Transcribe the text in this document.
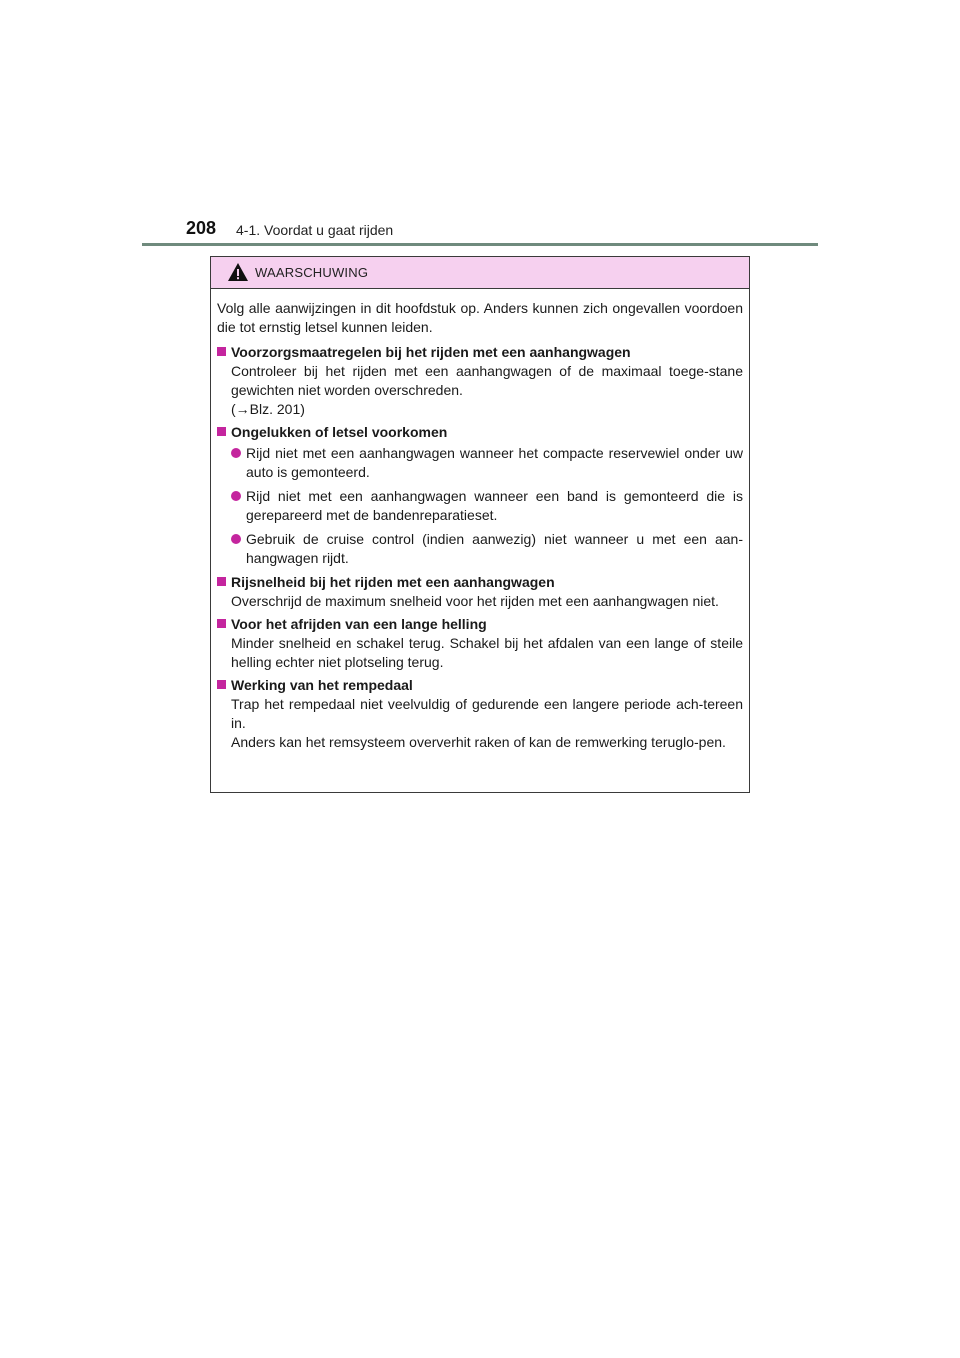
208 4-1. Voordat u gaat rijden
WAARSCHUWING

Volg alle aanwijzingen in dit hoofdstuk op. Anders kunnen zich ongevallen voordoen die tot ernstig letsel kunnen leiden.

Voorzorgsmaatregelen bij het rijden met een aanhangwagen
Controleer bij het rijden met een aanhangwagen of de maximaal toege-stane gewichten niet worden overschreden.
(→Blz. 201)
Ongelukken of letsel voorkomen
Rijd niet met een aanhangwagen wanneer het compacte reservewiel onder uw auto is gemonteerd.
Rijd niet met een aanhangwagen wanneer een band is gemonteerd die is gerepareerd met de bandenreparatieset.
Gebruik de cruise control (indien aanwezig) niet wanneer u met een aan-hangwagen rijdt.
Rijsnelheid bij het rijden met een aanhangwagen
Overschrijd de maximum snelheid voor het rijden met een aanhangwagen niet.
Voor het afrijden van een lange helling
Minder snelheid en schakel terug. Schakel bij het afdalen van een lange of steile helling echter niet plotseling terug.
Werking van het rempedaal
Trap het rempedaal niet veelvuldig of gedurende een langere periode ach-tereen in.
Anders kan het remsysteem oververhit raken of kan de remwerking teruglo-pen.
